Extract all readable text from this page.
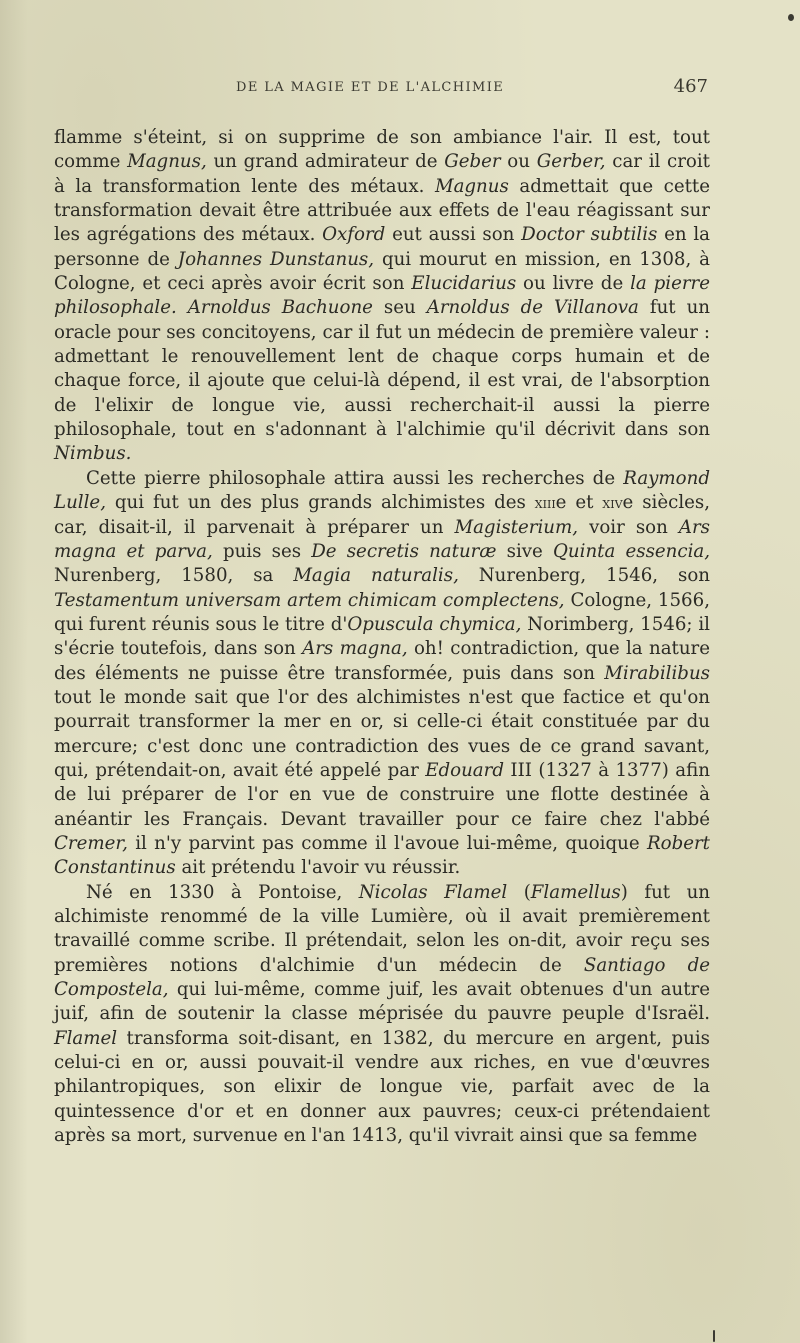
DE LA MAGIE ET DE L'ALCHIMIE	467

flamme s'éteint, si on supprime de son ambiance l'air. Il est, tout comme Magnus, un grand admirateur de Geber ou Gerber, car il croit à la transformation lente des métaux. Magnus admettait que cette transformation devait être attribuée aux effets de l'eau réagissant sur les agrégations des métaux. Oxford eut aussi son Doctor subtilis en la personne de Johannes Dunstanus, qui mourut en mission, en 1308, à Cologne, et ceci après avoir écrit son Elucidarius ou livre de la pierre philosophale. Arnoldus Bachuone seu Arnoldus de Villanova fut un oracle pour ses concitoyens, car il fut un médecin de première valeur : admettant le renouvellement lent de chaque corps humain et de chaque force, il ajoute que celui-là dépend, il est vrai, de l'absorption de l'elixir de longue vie, aussi recherchait-il aussi la pierre philosophale, tout en s'adonnant à l'alchimie qu'il décrivit dans son Nimbus.

Cette pierre philosophale attira aussi les recherches de Raymond Lulle, qui fut un des plus grands alchimistes des xiiie et xive siècles, car, disait-il, il parvenait à préparer un Magisterium, voir son Ars magna et parva, puis ses De secretis naturæ sive Quinta essencia, Nurenberg, 1580, sa Magia naturalis, Nurenberg, 1546, son Testamentum universam artem chimicam complectens, Cologne, 1566, qui furent réunis sous le titre d'Opuscula chymica, Norimberg, 1546; il s'écrie toutefois, dans son Ars magna, oh! contradiction, que la nature des éléments ne puisse être transformée, puis dans son Mirabilibus tout le monde sait que l'or des alchimistes n'est que factice et qu'on pourrait transformer la mer en or, si celle-ci était constituée par du mercure; c'est donc une contradiction des vues de ce grand savant, qui, prétendait-on, avait été appelé par Edouard III (1327 à 1377) afin de lui préparer de l'or en vue de construire une flotte destinée à anéantir les Français. Devant travailler pour ce faire chez l'abbé Cremer, il n'y parvint pas comme il l'avoue lui-même, quoique Robert Constantinus ait prétendu l'avoir vu réussir.

Né en 1330 à Pontoise, Nicolas Flamel (Flamellus) fut un alchimiste renommé de la ville Lumière, où il avait premièrement travaillé comme scribe. Il prétendait, selon les on-dit, avoir reçu ses premières notions d'alchimie d'un médecin de Santiago de Compostela, qui lui-même, comme juif, les avait obtenues d'un autre juif, afin de soutenir la classe méprisée du pauvre peuple d'Israël. Flamel transforma soit-disant, en 1382, du mercure en argent, puis celui-ci en or, aussi pouvait-il vendre aux riches, en vue d'œuvres philantropiques, son elixir de longue vie, parfait avec de la quintessence d'or et en donner aux pauvres; ceux-ci prétendaient après sa mort, survenue en l'an 1413, qu'il vivrait ainsi que sa femme
